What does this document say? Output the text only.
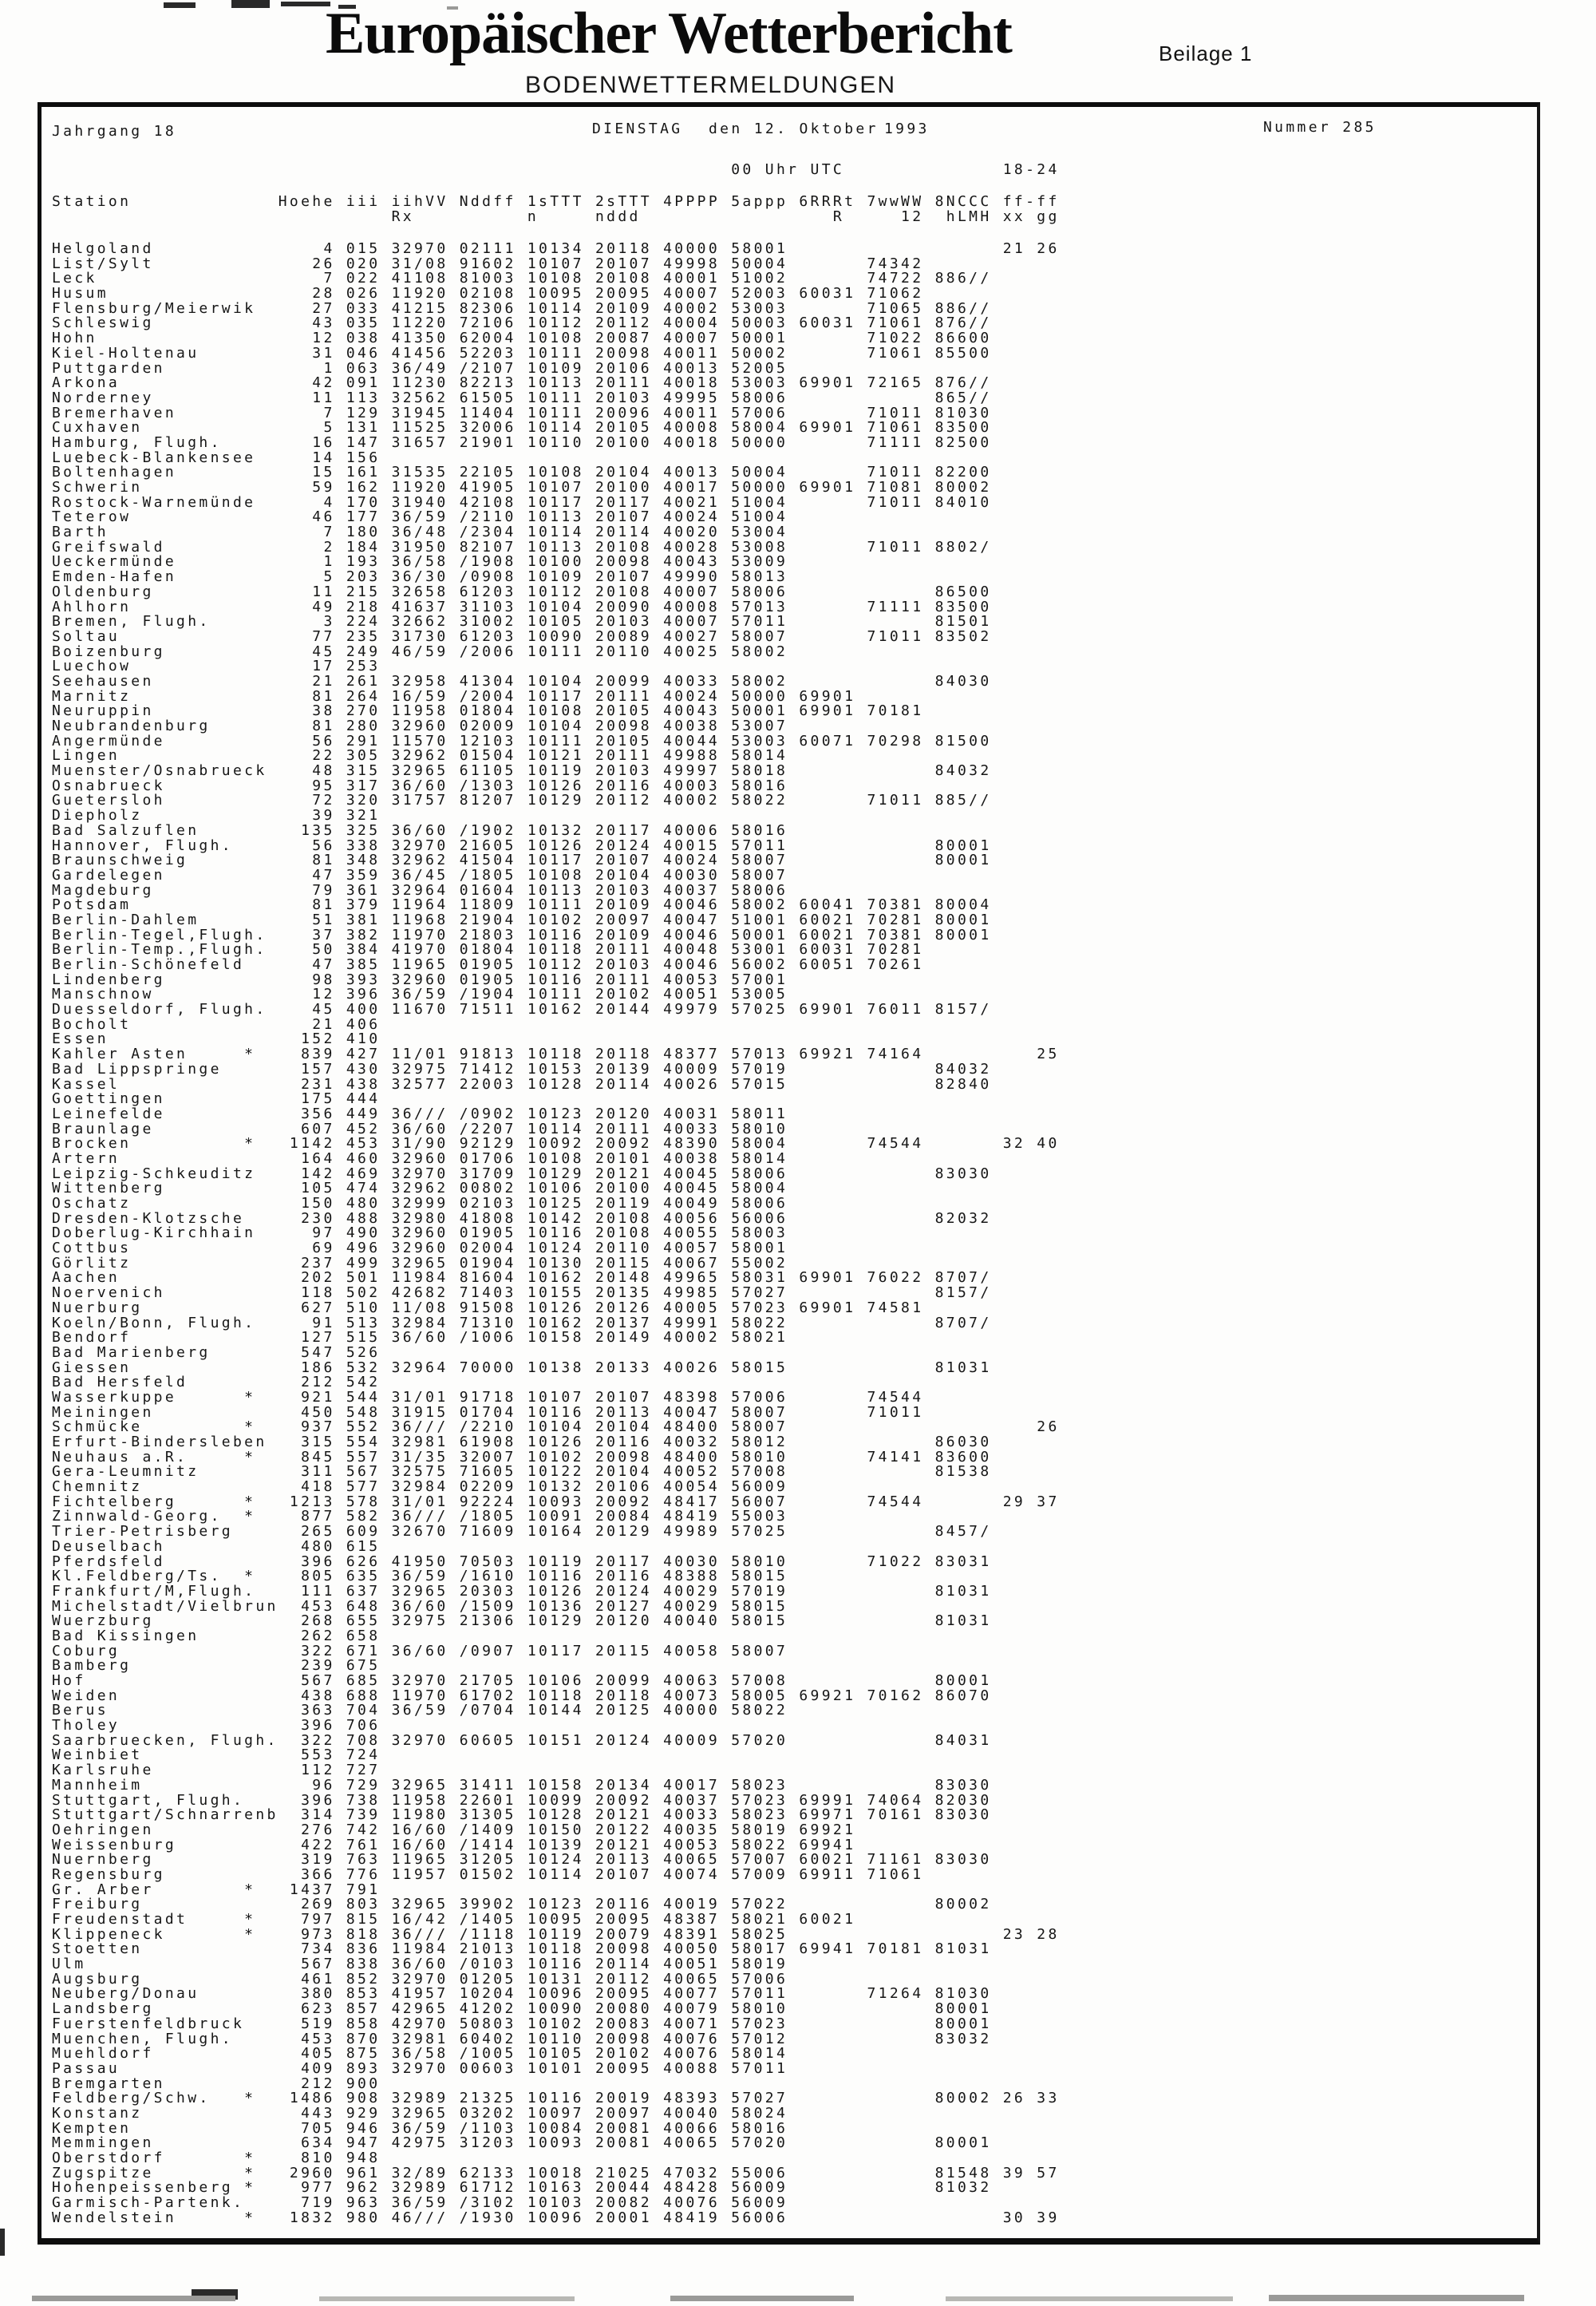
Europäischer Wetterbericht	Beilage 1
BODENWETTERMELDUNGEN
Jahrgang 18	DIENSTAG den 12. Oktober 1993	Nummer 285
00 Uhr UTC              18-24
Station             Hoehe iii iihVV Nddff 1sTTT 2sTTT 4PPPP 5appp 6RRRt 7wwWW 8NCCC ff-ff
Rx          n     nddd                 R     12  hLMH xx gg
Helgoland               4 015 32970 02111 10134 20118 40000 58001                   21 26
List/Sylt              26 020 31/08 91602 10107 20107 49998 50004       74342
Leck                    7 022 41108 81003 10108 20108 40001 51002       74722 886//
Husum                  28 026 11920 02108 10095 20095 40007 52003 60031 71062
Flensburg/Meierwik     27 033 41215 82306 10114 20109 40002 53003       71065 886//
Schleswig              43 035 11220 72106 10112 20112 40004 50003 60031 71061 876//
Hohn                   12 038 41350 62004 10108 20087 40007 50001       71022 86600
Kiel-Holtenau          31 046 41456 52203 10111 20098 40011 50002       71061 85500
Puttgarden              1 063 36/49 /2107 10109 20106 40013 52005
Arkona                 42 091 11230 82213 10113 20111 40018 53003 69901 72165 876//
Norderney              11 113 32562 61505 10111 20103 49995 58006             865//
Bremerhaven             7 129 31945 11404 10111 20096 40011 57006       71011 81030
Cuxhaven                5 131 11525 32006 10114 20105 40008 58004 69901 71061 83500
Hamburg, Flugh.        16 147 31657 21901 10110 20100 40018 50000       71111 82500
Luebeck-Blankensee     14 156
Boltenhagen            15 161 31535 22105 10108 20104 40013 50004       71011 82200
Schwerin               59 162 11920 41905 10107 20100 40017 50000 69901 71081 80002
Rostock-Warnemünde      4 170 31940 42108 10117 20117 40021 51004       71011 84010
Teterow                46 177 36/59 /2110 10113 20107 40024 51004
Barth                   7 180 36/48 /2304 10114 20114 40020 53004
Greifswald              2 184 31950 82107 10113 20108 40028 53008       71011 8802/
Ueckermünde             1 193 36/58 /1908 10100 20098 40043 53009
Emden-Hafen             5 203 36/30 /0908 10109 20107 49990 58013
Oldenburg              11 215 32658 61203 10112 20108 40007 58006             86500
Ahlhorn                49 218 41637 31103 10104 20090 40008 57013       71111 83500
Bremen, Flugh.          3 224 32662 31002 10105 20103 40007 57011             81501
Soltau                 77 235 31730 61203 10090 20089 40027 58007       71011 83502
Boizenburg             45 249 46/59 /2006 10111 20110 40025 58002
Luechow                17 253
Seehausen              21 261 32958 41304 10104 20099 40033 58002             84030
Marnitz                81 264 16/59 /2004 10117 20111 40024 50000 69901
Neuruppin              38 270 11958 01804 10108 20105 40043 50001 69901 70181
Neubrandenburg         81 280 32960 02009 10104 20098 40038 53007
Angermünde             56 291 11570 12103 10111 20105 40044 53003 60071 70298 81500
Lingen                 22 305 32962 01504 10121 20111 49988 58014
Muenster/Osnabrueck    48 315 32965 61105 10119 20103 49997 58018             84032
Osnabrueck             95 317 36/60 /1303 10126 20116 40003 58016
Guetersloh             72 320 31757 81207 10129 20112 40002 58022       71011 885//
Diepholz               39 321
Bad Salzuflen         135 325 36/60 /1902 10132 20117 40006 58016
Hannover, Flugh.       56 338 32970 21605 10126 20124 40015 57011             80001
Braunschweig           81 348 32962 41504 10117 20107 40024 58007             80001
Gardelegen             47 359 36/45 /1805 10108 20104 40030 58007
Magdeburg              79 361 32964 01604 10113 20103 40037 58006
Potsdam                81 379 11964 11809 10111 20109 40046 58002 60041 70381 80004
Berlin-Dahlem          51 381 11968 21904 10102 20097 40047 51001 60021 70281 80001
Berlin-Tegel,Flugh.    37 382 11970 21803 10116 20109 40046 50001 60021 70381 80001
Berlin-Temp.,Flugh.    50 384 41970 01804 10118 20111 40048 53001 60031 70281
Berlin-Schönefeld      47 385 11965 01905 10112 20103 40046 56002 60051 70261
Lindenberg             98 393 32960 01905 10116 20111 40053 57001
Manschnow              12 396 36/59 /1904 10111 20102 40051 53005
Duesseldorf, Flugh.    45 400 11670 71511 10162 20144 49979 57025 69901 76011 8157/
Bocholt                21 406
Essen                 152 410
Kahler Asten     *    839 427 11/01 91813 10118 20118 48377 57013 69921 74164          25
Bad Lippspringe       157 430 32975 71412 10153 20139 40009 57019             84032
Kassel                231 438 32577 22003 10128 20114 40026 57015             82840
Goettingen            175 444
Leinefelde            356 449 36/// /0902 10123 20120 40031 58011
Braunlage             607 452 36/60 /2207 10114 20111 40033 58010
Brocken          *   1142 453 31/90 92129 10092 20092 48390 58004       74544       32 40
Artern                164 460 32960 01706 10108 20101 40038 58014
Leipzig-Schkeuditz    142 469 32970 31709 10129 20121 40045 58006             83030
Wittenberg            105 474 32962 00802 10106 20100 40045 58004
Oschatz               150 480 32999 02103 10125 20119 40049 58006
Dresden-Klotzsche     230 488 32980 41808 10142 20108 40056 56006             82032
Doberlug-Kirchhain     97 490 32960 01905 10116 20108 40055 58003
Cottbus                69 496 32960 02004 10124 20110 40057 58001
Görlitz               237 499 32965 01904 10130 20115 40067 55002
Aachen                202 501 11984 81604 10162 20148 49965 58031 69901 76022 8707/
Noervenich            118 502 42682 71403 10155 20135 49985 57027             8157/
Nuerburg              627 510 11/08 91508 10126 20126 40005 57023 69901 74581
Koeln/Bonn, Flugh.     91 513 32984 71310 10162 20137 49991 58022             8707/
Bendorf               127 515 36/60 /1006 10158 20149 40002 58021
Bad Marienberg        547 526
Giessen               186 532 32964 70000 10138 20133 40026 58015             81031
Bad Hersfeld          212 542
Wasserkuppe      *    921 544 31/01 91718 10107 20107 48398 57006       74544
Meiningen             450 548 31915 01704 10116 20113 40047 58007       71011
Schmücke         *    937 552 36/// /2210 10104 20104 48400 58007                      26
Erfurt-Bindersleben   315 554 32981 61908 10126 20116 40032 58012             86030
Neuhaus a.R.     *    845 557 31/35 32007 10102 20098 48400 58010       74141 83600
Gera-Leumnitz         311 567 32575 71605 10122 20104 40052 57008             81538
Chemnitz              418 577 32984 02209 10132 20106 40054 56009
Fichtelberg      *   1213 578 31/01 92224 10093 20092 48417 56007       74544       29 37
Zinnwald-Georg.  *    877 582 36/// /1805 10091 20084 48419 55003
Trier-Petrisberg      265 609 32670 71609 10164 20129 49989 57025             8457/
Deuselbach            480 615
Pferdsfeld            396 626 41950 70503 10119 20117 40030 58010       71022 83031
Kl.Feldberg/Ts.  *    805 635 36/59 /1610 10116 20116 48388 58015
Frankfurt/M,Flugh.    111 637 32965 20303 10126 20124 40029 57019             81031
Michelstadt/Vielbrun  453 648 36/60 /1509 10136 20127 40029 58015
Wuerzburg             268 655 32975 21306 10129 20120 40040 58015             81031
Bad Kissingen         262 658
Coburg                322 671 36/60 /0907 10117 20115 40058 58007
Bamberg               239 675
Hof                   567 685 32970 21705 10106 20099 40063 57008             80001
Weiden                438 688 11970 61702 10118 20118 40073 58005 69921 70162 86070
Berus                 363 704 36/59 /0704 10144 20125 40000 58022
Tholey                396 706
Saarbruecken, Flugh.  322 708 32970 60605 10151 20124 40009 57020             84031
Weinbiet              553 724
Karlsruhe             112 727
Mannheim               96 729 32965 31411 10158 20134 40017 58023             83030
Stuttgart, Flugh.     396 738 11958 22601 10099 20092 40037 57023 69991 74064 82030
Stuttgart/Schnarrenb  314 739 11980 31305 10128 20121 40033 58023 69971 70161 83030
Oehringen             276 742 16/60 /1409 10150 20122 40035 58019 69921
Weissenburg           422 761 16/60 /1414 10139 20121 40053 58022 69941
Nuernberg             319 763 11965 31205 10124 20113 40065 57007 60021 71161 83030
Regensburg            366 776 11957 01502 10114 20107 40074 57009 69911 71061
Gr. Arber        *   1437 791
Freiburg              269 803 32965 39902 10123 20116 40019 57022             80002
Freudenstadt     *    797 815 16/42 /1405 10095 20095 48387 58021 60021
Klippeneck       *    973 818 36/// /1118 10119 20079 48391 58025                   23 28
Stoetten              734 836 11984 21013 10118 20098 40050 58017 69941 70181 81031
Ulm                   567 838 36/60 /0103 10116 20114 40051 58019
Augsburg              461 852 32970 01205 10131 20112 40065 57006
Neuberg/Donau         380 853 41957 10204 10096 20095 40077 57011       71264 81030
Landsberg             623 857 42965 41202 10090 20080 40079 58010             80001
Fuerstenfeldbruck     519 858 42970 50803 10102 20083 40071 57023             80001
Muenchen, Flugh.      453 870 32981 60402 10110 20098 40076 57012             83032
Muehldorf             405 875 36/58 /1005 10105 20102 40076 58014
Passau                409 893 32970 00603 10101 20095 40088 57011
Bremgarten            212 900
Feldberg/Schw.   *   1486 908 32989 21325 10116 20019 48393 57027             80002 26 33
Konstanz              443 929 32965 03202 10097 20097 40040 58024
Kempten               705 946 36/59 /1103 10084 20081 40066 58016
Memmingen             634 947 42975 31203 10093 20081 40065 57020             80001
Oberstdorf       *    810 948
Zugspitze        *   2960 961 32/89 62133 10018 21025 47032 55006             81548 39 57
Hohenpeissenberg *    977 962 32989 61712 10163 20044 48428 56009             81032
Garmisch-Partenk.     719 963 36/59 /3102 10103 20082 40076 56009
Wendelstein      *   1832 980 46/// /1930 10096 20001 48419 56006                   30 39
